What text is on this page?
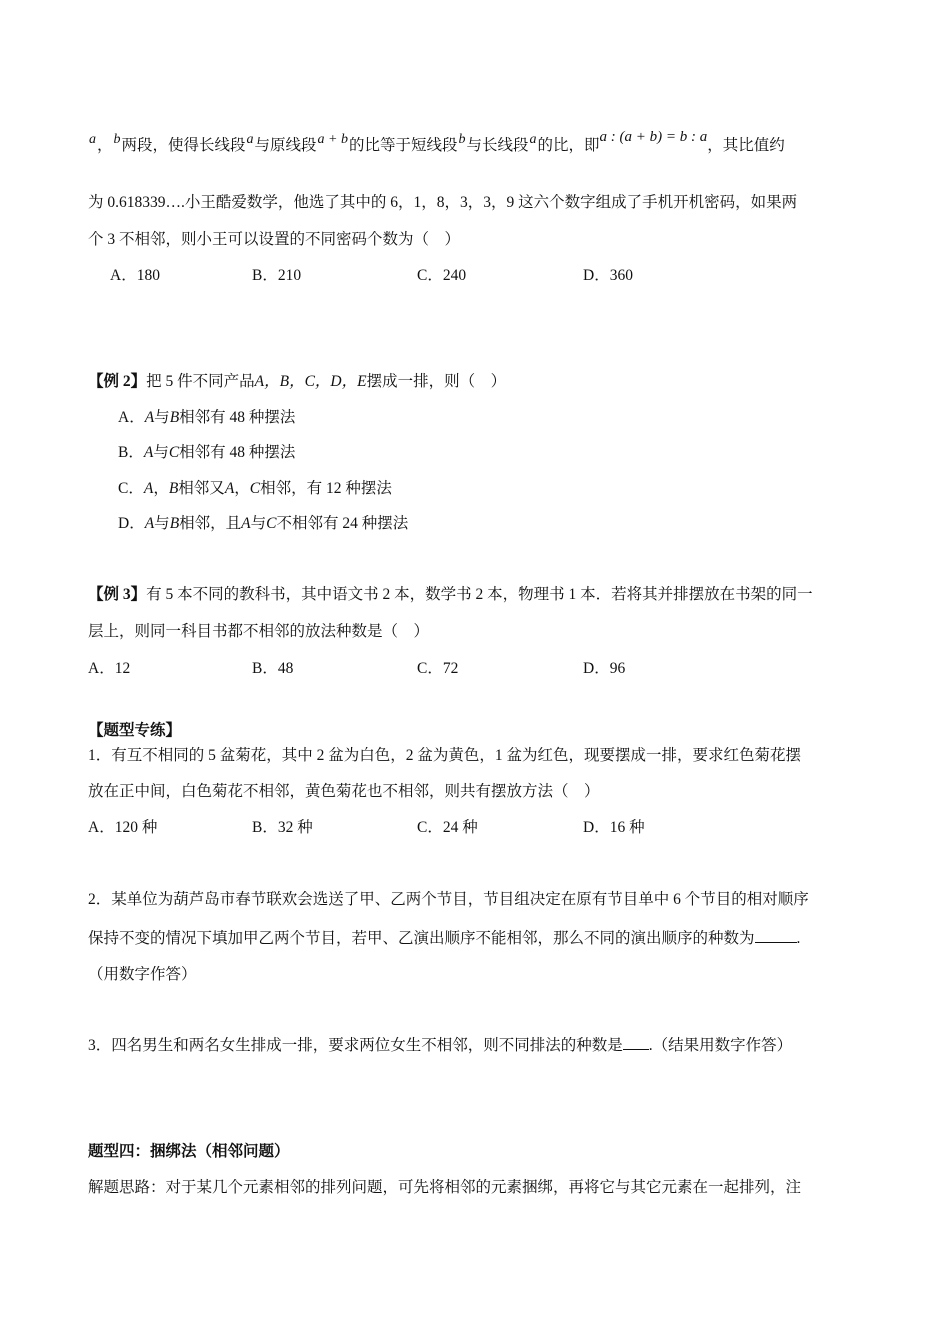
a，b两段，使得长线段a与原线段a + b的比等于短线段b与长线段a的比，即a : (a + b) = b : a，其比值约
为 0.618339….小王酷爱数学，他选了其中的 6，1，8，3，3，9 这六个数字组成了手机开机密码，如果两
个 3 不相邻，则小王可以设置的不同密码个数为（　）
A．180	B．210	C．240	D．360
【例 2】把 5 件不同产品A，B，C，D，E摆成一排，则（　）
A．A与B相邻有 48 种摆法
B．A与C相邻有 48 种摆法
C．A，B相邻又A，C相邻，有 12 种摆法
D．A与B相邻，且A与C不相邻有 24 种摆法
【例 3】有 5 本不同的教科书，其中语文书 2 本，数学书 2 本，物理书 1 本．若将其并排摆放在书架的同一
层上，则同一科目书都不相邻的放法种数是（　）
A．12	B．48	C．72	D．96
【题型专练】
1．有互不相同的 5 盆菊花，其中 2 盆为白色，2 盆为黄色，1 盆为红色，现要摆成一排，要求红色菊花摆
放在正中间，白色菊花不相邻，黄色菊花也不相邻，则共有摆放方法（　）
A．120 种	B．32 种	C．24 种	D．16 种
2．某单位为葫芦岛市春节联欢会选送了甲、乙两个节目，节目组决定在原有节目单中 6 个节目的相对顺序
保持不变的情况下填加甲乙两个节目，若甲、乙演出顺序不能相邻，那么不同的演出顺序的种数为	.
（用数字作答）
3．四名男生和两名女生排成一排，要求两位女生不相邻，则不同排法的种数是 .（结果用数字作答）
题型四：捆绑法（相邻问题）
解题思路：对于某几个元素相邻的排列问题，可先将相邻的元素捆绑，再将它与其它元素在一起排列，注
